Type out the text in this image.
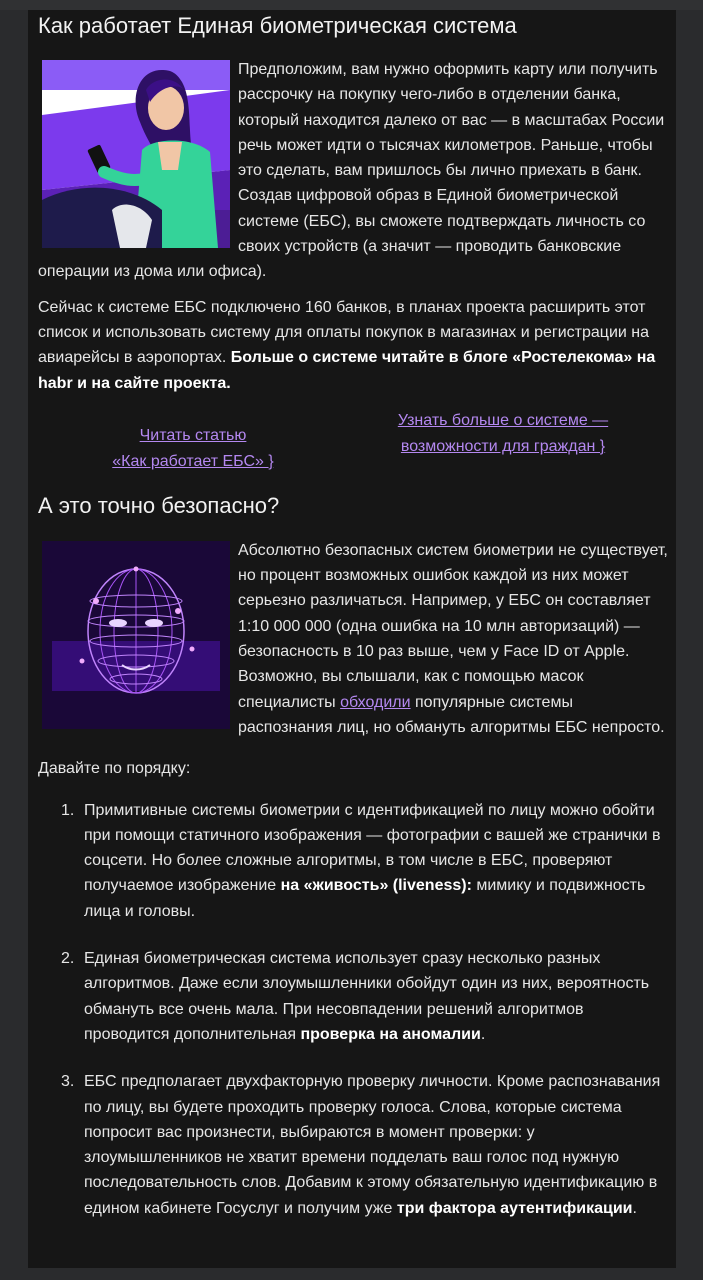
Как работает Единая биометрическая система

Предположим, вам нужно оформить карту или получить рассрочку на покупку чего-либо в отделении банка, который находится далеко от вас — в масштабах России речь может идти о тысячах километров. Раньше, чтобы это сделать, вам пришлось бы лично приехать в банк. Создав цифровой образ в Единой биометрической системе (ЕБС), вы сможете подтверждать личность со своих устройств (а значит — проводить банковские операции из дома или офиса).

Сейчас к системе ЕБС подключено 160 банков, в планах проекта расширить этот список и использовать систему для оплаты покупок в магазинах и регистрации на авиарейсы в аэропортах. Больше о системе читайте в блоге «Ростелекома» на habr и на сайте проекта.

Читать статью
«Как работает ЕБС» }
Узнать больше о системе —
возможности для граждан }
А это точно безопасно?

Абсолютно безопасных систем биометрии не существует, но процент возможных ошибок каждой из них может серьезно различаться. Например, у ЕБС он составляет 1:10 000 000 (одна ошибка на 10 млн авторизаций) — безопасность в 10 раз выше, чем у Face ID от Apple. Возможно, вы слышали, как с помощью масок специалисты обходили популярные системы распознания лиц, но обмануть алгоритмы ЕБС непросто.

Давайте по порядку:

1. Примитивные системы биометрии с идентификацией по лицу можно обойти при помощи статичного изображения — фотографии с вашей же странички в соцсети. Но более сложные алгоритмы, в том числе в ЕБС, проверяют получаемое изображение на «живость» (liveness): мимику и подвижность лица и головы.
2. Единая биометрическая система использует сразу несколько разных алгоритмов. Даже если злоумышленники обойдут один из них, вероятность обмануть все очень мала. При несовпадении решений алгоритмов проводится дополнительная проверка на аномалии.
3. ЕБС предполагает двухфакторную проверку личности. Кроме распознавания по лицу, вы будете проходить проверку голоса. Слова, которые система попросит вас произнести, выбираются в момент проверки: у злоумышленников не хватит времени подделать ваш голос под нужную последовательность слов. Добавим к этому обязательную идентификацию в едином кабинете Госуслуг и получим уже три фактора аутентификации.
